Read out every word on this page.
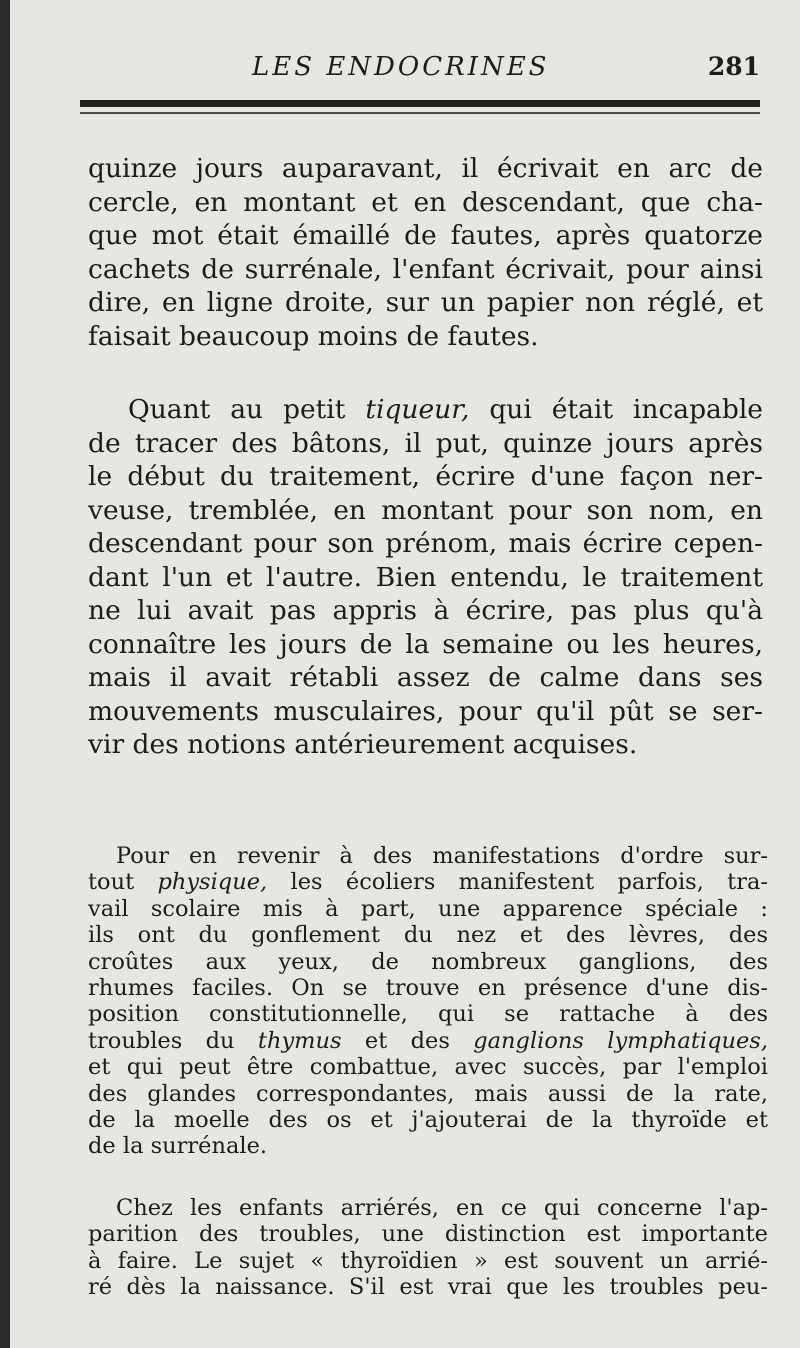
LES ENDOCRINES	281
quinze jours auparavant, il écrivait en arc de
cercle, en montant et en descendant, que cha-
que mot était émaillé de fautes, après quatorze
cachets de surrénale, l'enfant écrivait, pour ainsi
dire, en ligne droite, sur un papier non réglé, et
faisait beaucoup moins de fautes.
Quant au petit tiqueur, qui était incapable
de tracer des bâtons, il put, quinze jours après
le début du traitement, écrire d'une façon ner-
veuse, tremblée, en montant pour son nom, en
descendant pour son prénom, mais écrire cepen-
dant l'un et l'autre. Bien entendu, le traitement
ne lui avait pas appris à écrire, pas plus qu'à
connaître les jours de la semaine ou les heures,
mais il avait rétabli assez de calme dans ses
mouvements musculaires, pour qu'il pût se ser-
vir des notions antérieurement acquises.
Pour en revenir à des manifestations d'ordre sur-
tout physique, les écoliers manifestent parfois, tra-
vail scolaire mis à part, une apparence spéciale :
ils ont du gonflement du nez et des lèvres, des
croûtes aux yeux, de nombreux ganglions, des
rhumes faciles. On se trouve en présence d'une dis-
position constitutionnelle, qui se rattache à des
troubles du thymus et des ganglions lymphatiques,
et qui peut être combattue, avec succès, par l'emploi
des glandes correspondantes, mais aussi de la rate,
de la moelle des os et j'ajouterai de la thyroïde et
de la surrénale.
Chez les enfants arriérés, en ce qui concerne l'ap-
parition des troubles, une distinction est importante
à faire. Le sujet « thyroïdien » est souvent un arrié-
ré dès la naissance. S'il est vrai que les troubles peu-
